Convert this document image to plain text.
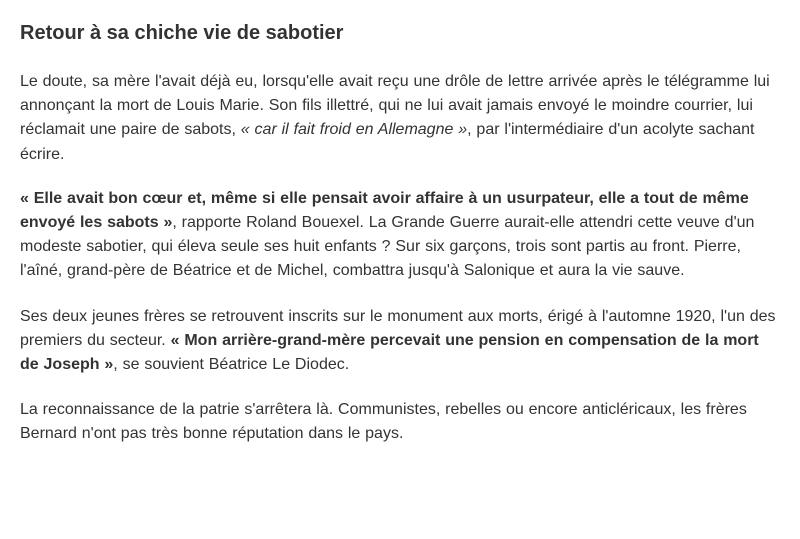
Retour à sa chiche vie de sabotier

Le doute, sa mère l'avait déjà eu, lorsqu'elle avait reçu une drôle de lettre arrivée après le télégramme lui annonçant la mort de Louis Marie. Son fils illettré, qui ne lui avait jamais envoyé le moindre courrier, lui réclamait une paire de sabots, « car il fait froid en Allemagne », par l'intermédiaire d'un acolyte sachant écrire.

« Elle avait bon cœur et, même si elle pensait avoir affaire à un usurpateur, elle a tout de même envoyé les sabots », rapporte Roland Bouexel. La Grande Guerre aurait-elle attendri cette veuve d'un modeste sabotier, qui éleva seule ses huit enfants ? Sur six garçons, trois sont partis au front. Pierre, l'aîné, grand-père de Béatrice et de Michel, combattra jusqu'à Salonique et aura la vie sauve.

Ses deux jeunes frères se retrouvent inscrits sur le monument aux morts, érigé à l'automne 1920, l'un des premiers du secteur. « Mon arrière-grand-mère percevait une pension en compensation de la mort de Joseph », se souvient Béatrice Le Diodec.

La reconnaissance de la patrie s'arrêtera là. Communistes, rebelles ou encore anticléricaux, les frères Bernard n'ont pas très bonne réputation dans le pays.
